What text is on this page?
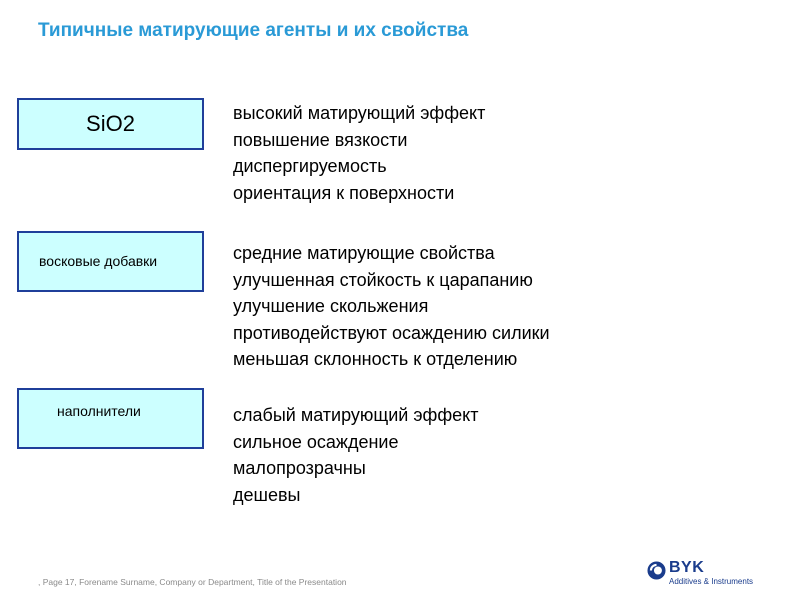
Типичные матирующие агенты и их свойства
SiO2	высокий матирующий эффект
повышение вязкости
диспергируемость
ориентация к поверхности
восковые добавки	средние матирующие свойства
улучшенная стойкость к царапанию
улучшение скольжения
противодействуют осаждению силики
меньшая склонность к отделению
наполнители	слабый матирующий эффект
сильное осаждение
малопрозрачны
дешевы
, Page 17, Forename Surname, Company or Department, Title of the Presentation
BYK
Additives & Instruments
